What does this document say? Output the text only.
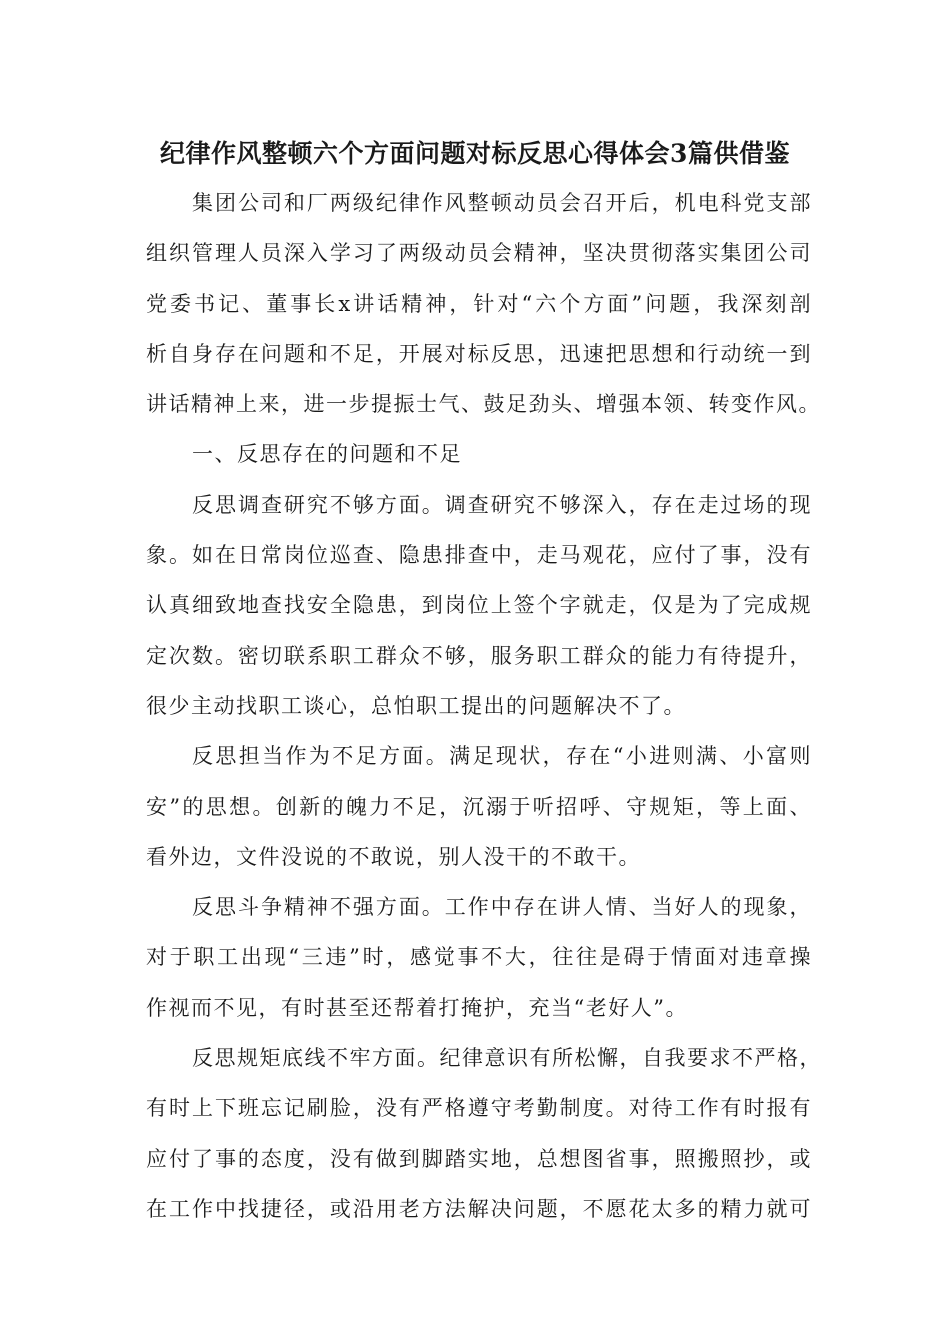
纪律作风整顿六个方面问题对标反思心得体会3篇供借鉴
集团公司和厂两级纪律作风整顿动员会召开后，机电科党支部
组织管理人员深入学习了两级动员会精神，坚决贯彻落实集团公司
党委书记、董事长x讲话精神，针对“六个方面”问题，我深刻剖
析自身存在问题和不足，开展对标反思，迅速把思想和行动统一到
讲话精神上来，进一步提振士气、鼓足劲头、增强本领、转变作风。
一、反思存在的问题和不足
反思调查研究不够方面。调查研究不够深入，存在走过场的现
象。如在日常岗位巡查、隐患排查中，走马观花，应付了事，没有
认真细致地查找安全隐患，到岗位上签个字就走，仅是为了完成规
定次数。密切联系职工群众不够，服务职工群众的能力有待提升，
很少主动找职工谈心，总怕职工提出的问题解决不了。
反思担当作为不足方面。满足现状，存在“小进则满、小富则
安”的思想。创新的魄力不足，沉溺于听招呼、守规矩，等上面、
看外边，文件没说的不敢说，别人没干的不敢干。
反思斗争精神不强方面。工作中存在讲人情、当好人的现象，
对于职工出现“三违”时，感觉事不大，往往是碍于情面对违章操
作视而不见，有时甚至还帮着打掩护，充当“老好人”。
反思规矩底线不牢方面。纪律意识有所松懈，自我要求不严格，
有时上下班忘记刷脸，没有严格遵守考勤制度。对待工作有时报有
应付了事的态度，没有做到脚踏实地，总想图省事，照搬照抄，或
在工作中找捷径，或沿用老方法解决问题，不愿花太多的精力就可
